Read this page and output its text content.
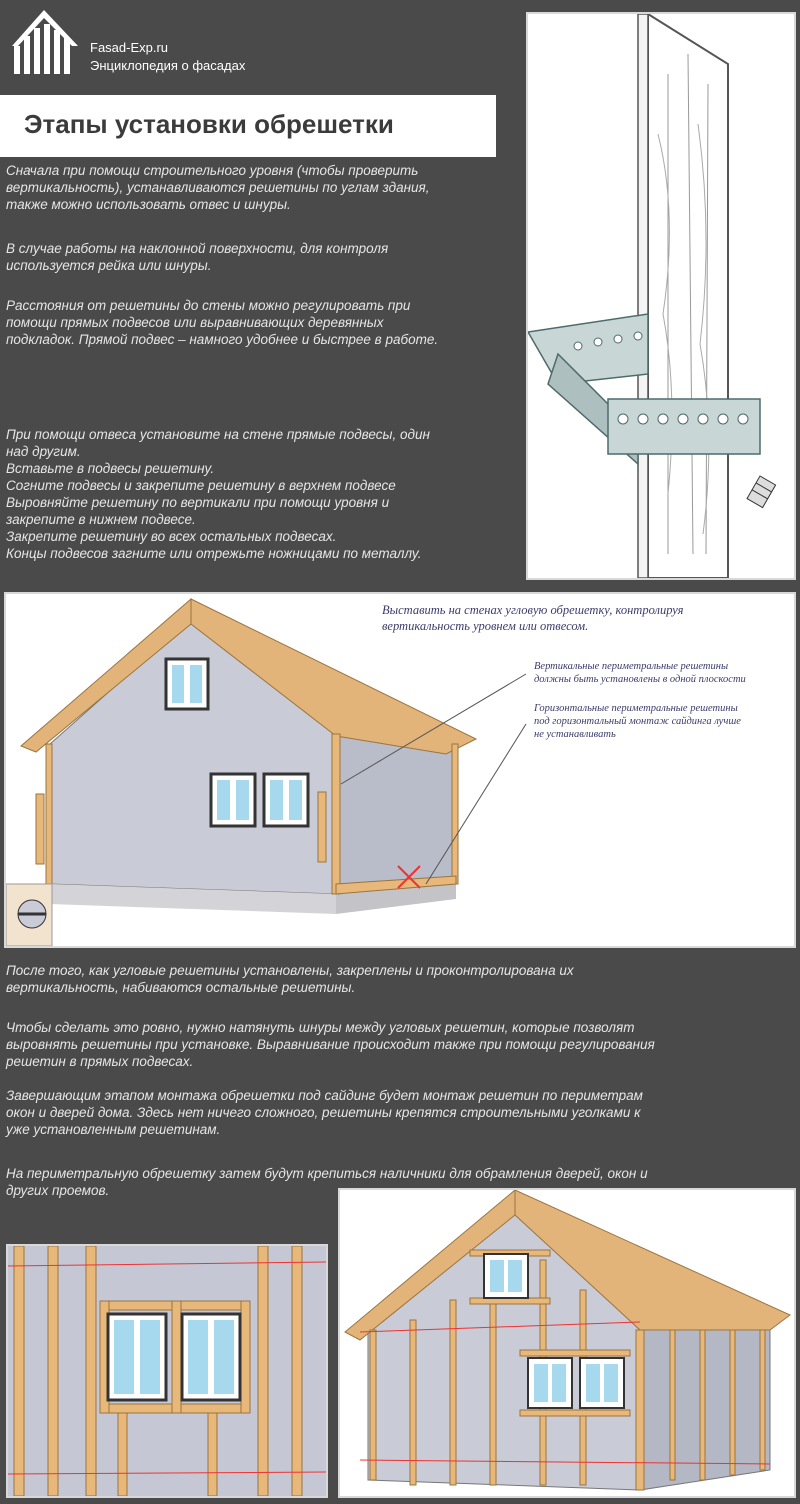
Fasad-Exp.ru
Энциклопедия о фасадах
Этапы установки обрешетки
Сначала при помощи строительного уровня (чтобы проверить
вертикальность), устанавливаются решетины по углам здания,
также можно использовать отвес и шнуры.
В случае работы на наклонной поверхности, для контроля
используется рейка или шнуры.
Расстояния от решетины до стены можно регулировать при
помощи прямых подвесов или выравнивающих деревянных
подкладок. Прямой подвес – намного удобнее и быстрее в работе.
При помощи отвеса установите на стене прямые подвесы, один
над другим.
Вставьте в подвесы решетину.
Согните подвесы и закрепите решетину в верхнем подвесе
Выровняйте решетину по вертикали при помощи уровня и
закрепите в нижнем подвесе.
Закрепите решетину во всех остальных подвесах.
Концы подвесов загните или отрежьте ножницами по металлу.
Выставить на стенах угловую обрешетку, контролируя
вертикальность уровнем или отвесом.
Вертикальные периметральные решетины
должны быть установлены в одной плоскости
Горизонтальные периметральные решетины
под горизонтальный монтаж сайдинга лучше
не устанавливать
После того, как угловые решетины установлены, закреплены и проконтролирована их
вертикальность, набиваются остальные решетины.
Чтобы сделать это ровно, нужно натянуть шнуры между угловых решетин, которые позволят
выровнять решетины при установке. Выравнивание происходит также при помощи регулирования
решетин в прямых подвесах.
Завершающим этапом монтажа обрешетки под сайдинг будет монтаж решетин по периметрам
окон и дверей дома. Здесь нет ничего сложного, решетины крепятся строительными уголками к
уже установленным решетинам.
На периметральную обрешетку затем будут крепиться наличники для обрамления дверей, окон и
других проемов.
